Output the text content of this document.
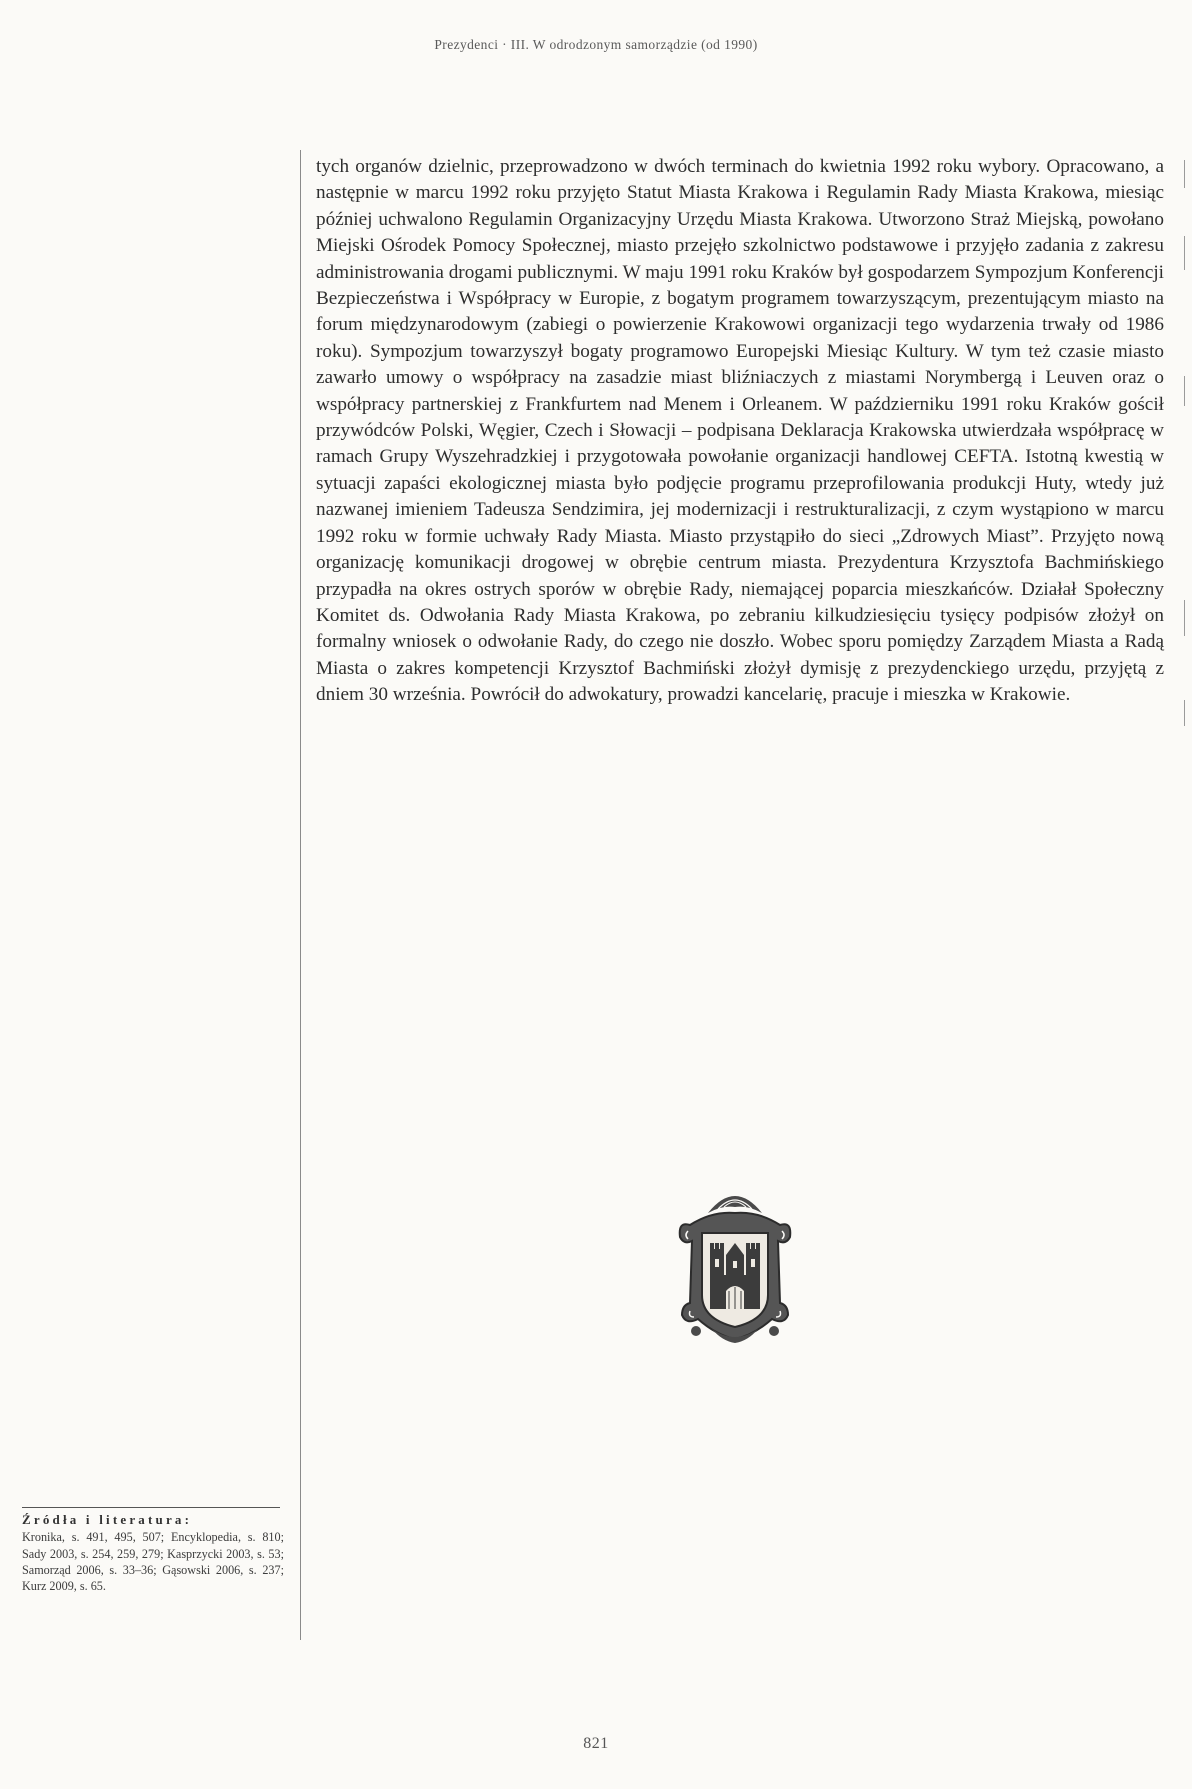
Prezydenci · III. W odrodzonym samorządzie (od 1990)
tych organów dzielnic, przeprowadzono w dwóch terminach do kwietnia 1992 roku wybory. Opracowano, a następnie w marcu 1992 roku przyjęto Statut Miasta Krakowa i Regulamin Rady Miasta Krakowa, miesiąc później uchwalono Regulamin Organizacyjny Urzędu Miasta Krakowa. Utworzono Straż Miejską, powołano Miejski Ośrodek Pomocy Społecznej, miasto przejęło szkolnictwo podstawowe i przyjęło zadania z zakresu administrowania drogami publicznymi. W maju 1991 roku Kraków był gospodarzem Sympozjum Konferencji Bezpieczeństwa i Współpracy w Europie, z bogatym programem towarzyszącym, prezentującym miasto na forum międzynarodowym (zabiegi o powierzenie Krakowowi organizacji tego wydarzenia trwały od 1986 roku). Sympozjum towarzyszył bogaty programowo Europejski Miesiąc Kultury. W tym też czasie miasto zawarło umowy o współpracy na zasadzie miast bliźniaczych z miastami Norymbergą i Leuven oraz o współpracy partnerskiej z Frankfurtem nad Menem i Orleanem. W październiku 1991 roku Kraków gościł przywódców Polski, Węgier, Czech i Słowacji – podpisana Deklaracja Krakowska utwierdzała współpracę w ramach Grupy Wyszehradzkiej i przygotowała powołanie organizacji handlowej CEFTA. Istotną kwestią w sytuacji zapaści ekologicznej miasta było podjęcie programu przeprofilowania produkcji Huty, wtedy już nazwanej imieniem Tadeusza Sendzimira, jej modernizacji i restrukturalizacji, z czym wystąpiono w marcu 1992 roku w formie uchwały Rady Miasta. Miasto przystąpiło do sieci „Zdrowych Miast”. Przyjęto nową organizację komunikacji drogowej w obrębie centrum miasta. Prezydentura Krzysztofa Bachmińskiego przypadła na okres ostrych sporów w obrębie Rady, niemającej poparcia mieszkańców. Działał Społeczny Komitet ds. Odwołania Rady Miasta Krakowa, po zebraniu kilkudziesięciu tysięcy podpisów złożył on formalny wniosek o odwołanie Rady, do czego nie doszło. Wobec sporu pomiędzy Zarządem Miasta a Radą Miasta o zakres kompetencji Krzysztof Bachmiński złożył dymisję z prezydenckiego urzędu, przyjętą z dniem 30 września. Powrócił do adwokatury, prowadzi kancelarię, pracuje i mieszka w Krakowie.
Źródła i literatura:
Kronika, s. 491, 495, 507; Encyklopedia, s. 810; Sady 2003, s. 254, 259, 279; Kasprzycki 2003, s. 53; Samorząd 2006, s. 33–36; Gąsowski 2006, s. 237; Kurz 2009, s. 65.
821
